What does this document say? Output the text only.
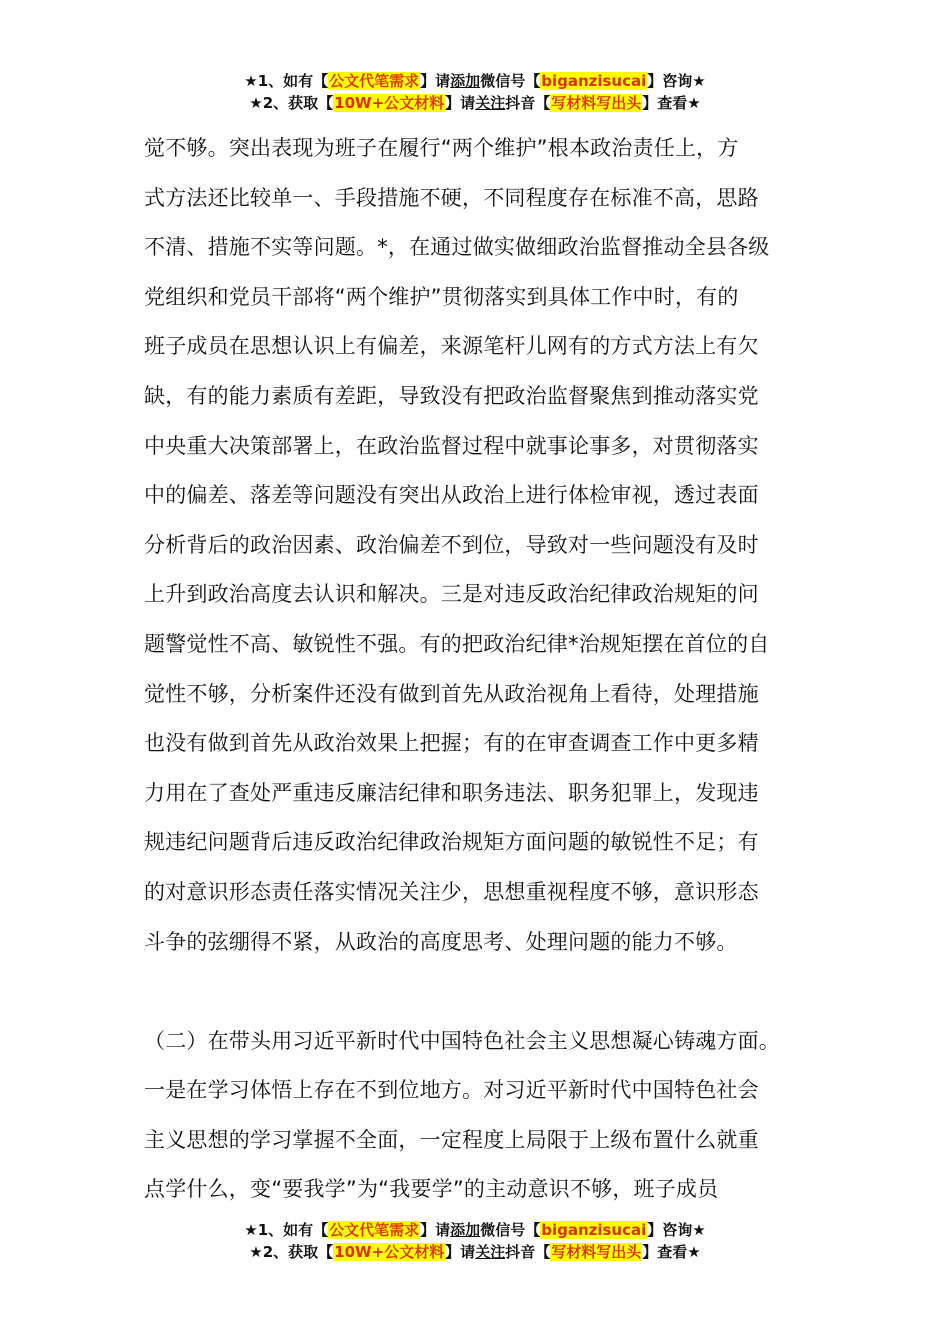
★1、如有【公文代笔需求】请添加微信号【biganzisucai】咨询★
★2、获取【10W+公文材料】请关注抖音【写材料写出头】查看★
觉不够。突出表现为班子在履行“两个维护”根本政治责任上，方
式方法还比较单一、手段措施不硬，不同程度存在标准不高，思路
不清、措施不实等问题。*，在通过做实做细政治监督推动全县各级
党组织和党员干部将“两个维护”贯彻落实到具体工作中时，有的
班子成员在思想认识上有偏差，来源笔杆儿网有的方式方法上有欠
缺，有的能力素质有差距，导致没有把政治监督聚焦到推动落实党
中央重大决策部署上，在政治监督过程中就事论事多，对贯彻落实
中的偏差、落差等问题没有突出从政治上进行体检审视，透过表面
分析背后的政治因素、政治偏差不到位，导致对一些问题没有及时
上升到政治高度去认识和解决。三是对违反政治纪律政治规矩的问
题警觉性不高、敏锐性不强。有的把政治纪律*治规矩摆在首位的自
觉性不够，分析案件还没有做到首先从政治视角上看待，处理措施
也没有做到首先从政治效果上把握；有的在审查调查工作中更多精
力用在了查处严重违反廉洁纪律和职务违法、职务犯罪上，发现违
规违纪问题背后违反政治纪律政治规矩方面问题的敏锐性不足；有
的对意识形态责任落实情况关注少，思想重视程度不够，意识形态
斗争的弦绷得不紧，从政治的高度思考、处理问题的能力不够。
（二）在带头用习近平新时代中国特色社会主义思想凝心铸魂方面。
一是在学习体悟上存在不到位地方。对习近平新时代中国特色社会
主义思想的学习掌握不全面，一定程度上局限于上级布置什么就重
点学什么，变“要我学”为“我要学”的主动意识不够，班子成员
★1、如有【公文代笔需求】请添加微信号【biganzisucai】咨询★
★2、获取【10W+公文材料】请关注抖音【写材料写出头】查看★
